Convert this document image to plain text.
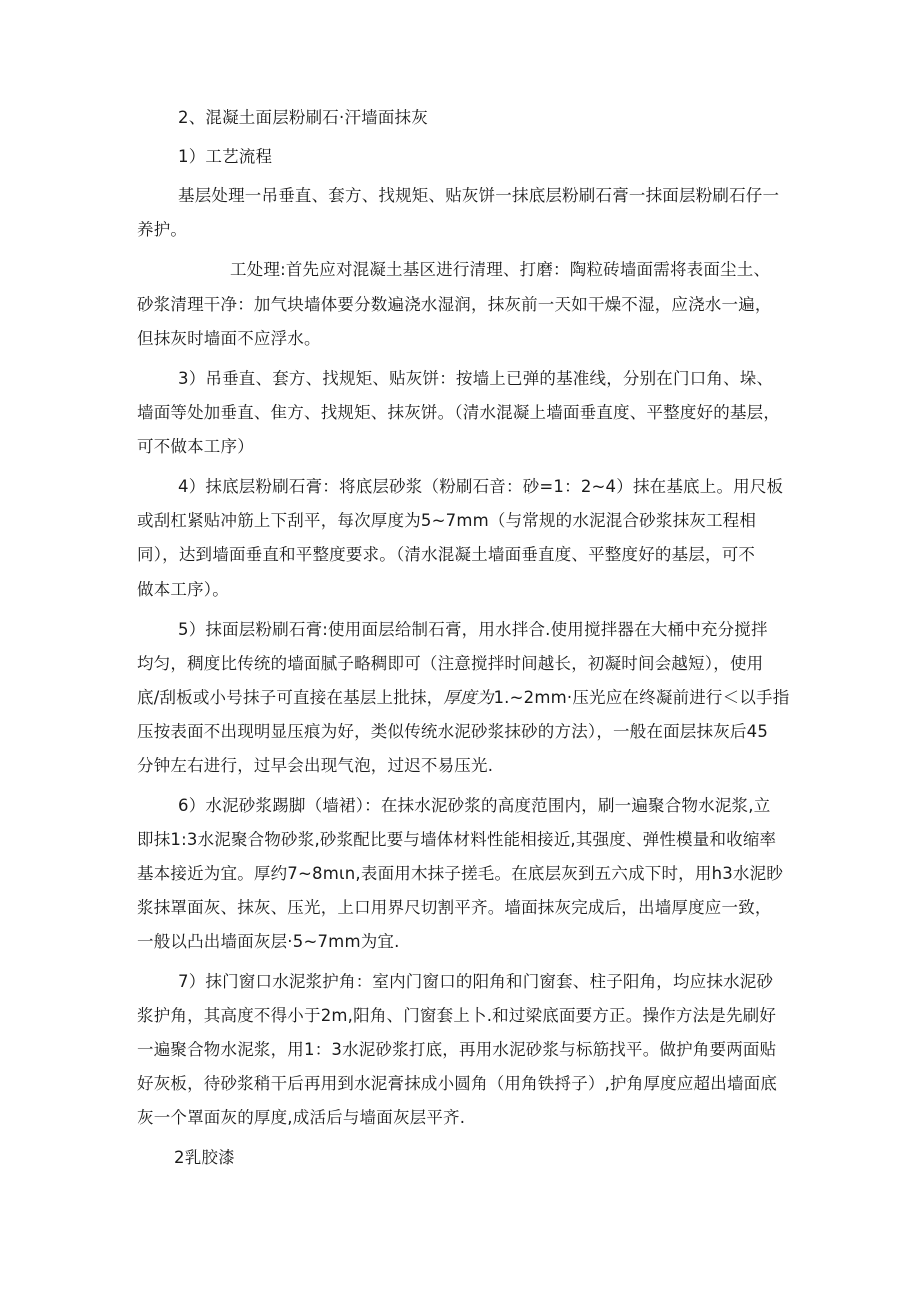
2、混凝土面层粉刷石·汗墙面抹灰
1）工艺流程
基层处理一吊垂直、套方、找规矩、贴灰饼一抹底层粉刷石膏一抹面层粉刷石仔一
养护。
工处理:首先应对混凝土基区进行清理、打磨：陶粒砖墙面需将表面尘土、
砂浆清理干净：加气块墙体要分数遍浇水湿润，抹灰前一天如干燥不湿，应浇水一遍，
但抹灰时墙面不应浮水。
3）吊垂直、套方、找规矩、贴灰饼：按墙上已弹的基准线，分别在门口角、垛、
墙面等处加垂直、隹方、找规矩、抹灰饼。（清水混凝上墙面垂直度、平整度好的基层，
可不做本工序）
4）抹底层粉刷石膏：将底层砂浆（粉刷石音：砂=1：2~4）抹在基底上。用尺板
或刮杠紧贴冲筋上下刮平，每次厚度为5~7mm（与常规的水泥混合砂浆抹灰工程相
同），达到墙面垂直和平整度要求。（清水混凝土墙面垂直度、平整度好的基层，可不
做本工序）。
5）抹面层粉刷石膏:使用面层给制石膏，用水拌合.使用搅拌器在大桶中充分搅拌
均匀，稠度比传统的墙面腻子略稠即可（注意搅拌时间越长，初凝时间会越短），使用
底/刮板或小号抹子可直接在基层上批抹，厚度为1.~2mm·压光应在终凝前进行＜以手指
压按表面不出现明显压痕为好，类似传统水泥砂浆抹砂的方法），一般在面层抹灰后45
分钟左右进行，过早会出现气泡，过迟不易压光.
6）水泥砂浆踢脚（墙裙）：在抹水泥砂浆的高度范围内，刷一遍聚合物水泥浆,立
即抹1:3水泥聚合物砂浆,砂浆配比要与墙体材料性能相接近,其强度、弹性模量和收缩率
基本接近为宜。厚约7~8mιn,表面用木抹子搓毛。在底层灰到五六成下时，用h3水泥眇
浆抹罩面灰、抹灰、压光，上口用界尺切割平齐。墙面抹灰完成后，出墙厚度应一致，
一般以凸出墙面灰层·5~7mm为宜.
7）抹门窗口水泥浆护角：室内门窗口的阳角和门窗套、柱子阳角，均应抹水泥砂
浆护角，其高度不得小于2m,阳角、门窗套上卜.和过梁底面要方正。操作方法是先刷好
一遍聚合物水泥浆，用1：3水泥砂浆打底，再用水泥砂浆与标筋找平。做护角要两面贴
好灰板，待砂浆稍干后再用到水泥膏抹成小圆角（用角铁捋子）,护角厚度应超出墙面底
灰一个罩面灰的厚度,成活后与墙面灰层平齐.
2乳胶漆
